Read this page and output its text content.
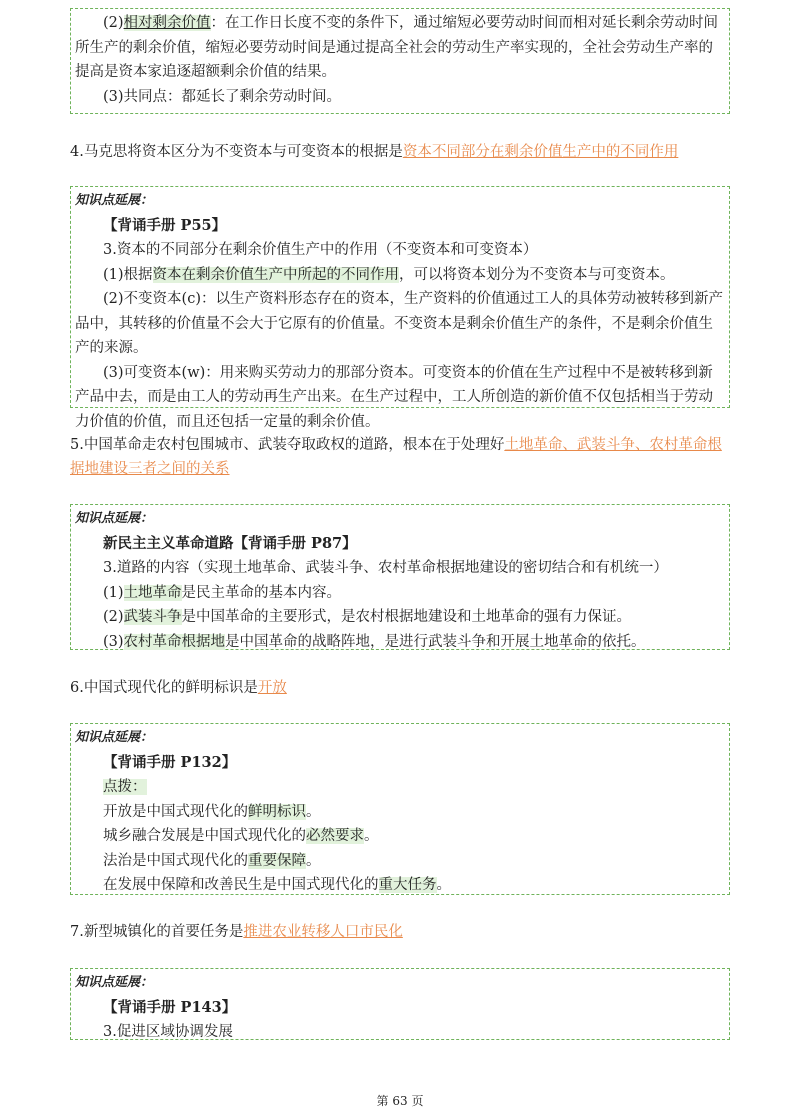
(2)相对剩余价值：在工作日长度不变的条件下，通过缩短必要劳动时间而相对延长剩余劳动时间所生产的剩余价值，缩短必要劳动时间是通过提高全社会的劳动生产率实现的，全社会劳动生产率的提高是资本家追逐超额剩余价值的结果。

(3)共同点：都延长了剩余劳动时间。

4.马克思将资本区分为不变资本与可变资本的根据是资本不同部分在剩余价值生产中的不同作用

知识点延展：

【背诵手册 P55】

3.资本的不同部分在剩余价值生产中的作用（不变资本和可变资本）

(1)根据资本在剩余价值生产中所起的不同作用，可以将资本划分为不变资本与可变资本。

(2)不变资本(c)：以生产资料形态存在的资本，生产资料的价值通过工人的具体劳动被转移到新产品中，其转移的价值量不会大于它原有的价值量。不变资本是剩余价值生产的条件，不是剩余价值生产的来源。

(3)可变资本(w)：用来购买劳动力的那部分资本。可变资本的价值在生产过程中不是被转移到新产品中去，而是由工人的劳动再生产出来。在生产过程中，工人所创造的新价值不仅包括相当于劳动力价值的价值，而且还包括一定量的剩余价值。

5.中国革命走农村包围城市、武装夺取政权的道路，根本在于处理好土地革命、武装斗争、农村革命根据地建设三者之间的关系

知识点延展：

新民主主义革命道路【背诵手册 P87】

3.道路的内容（实现土地革命、武装斗争、农村革命根据地建设的密切结合和有机统一）

(1)土地革命是民主革命的基本内容。

(2)武装斗争是中国革命的主要形式，是农村根据地建设和土地革命的强有力保证。

(3)农村革命根据地是中国革命的战略阵地，是进行武装斗争和开展土地革命的依托。

6.中国式现代化的鲜明标识是开放

知识点延展：

【背诵手册 P132】

点拨：

开放是中国式现代化的鲜明标识。

城乡融合发展是中国式现代化的必然要求。

法治是中国式现代化的重要保障。

在发展中保障和改善民生是中国式现代化的重大任务。

7.新型城镇化的首要任务是推进农业转移人口市民化

知识点延展：

【背诵手册 P143】

3.促进区域协调发展

第 63 页
